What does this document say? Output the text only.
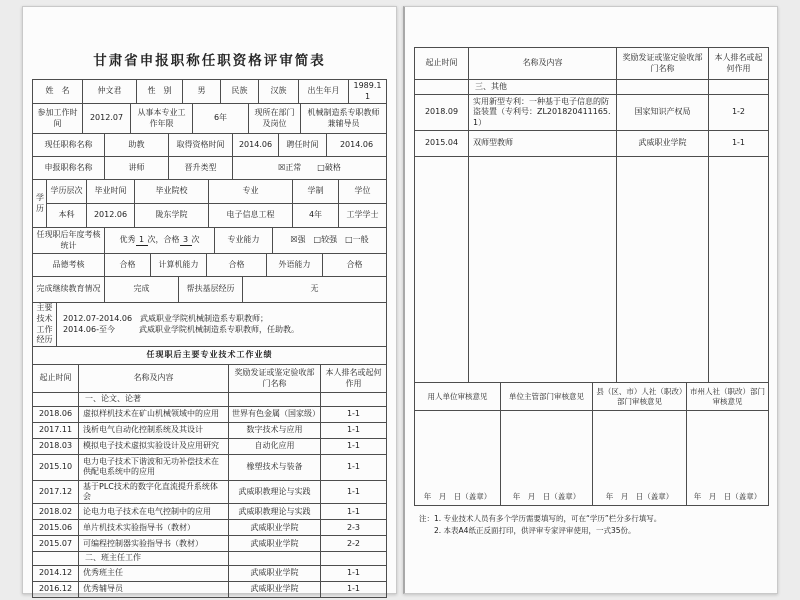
甘肃省申报职称任职资格评审简表
姓　名	仲文君	性　别	男	民族	汉族	出生年月	1989.11
参加工作时间	2012.07	从事本专业工作年限	6年	现所在部门及岗位	机械制造系专职教师兼辅导员
现任职称名称	助教	取得资格时间	2014.06	聘任时间	2014.06
申报职称名称	讲师	晋升类型	☒正常　　□破格		
学历	学历层次	毕业时间	毕业院校	专业	学制	学位
	本科	2012.06	陇东学院	电子信息工程	4年	工学学士
任现职后年度考核统计	优秀 1 次，合格 3 次	专业能力	☒强　□较强　□一般
品德考核	合格	计算机能力	合格	外语能力	合格
完成继续教育情况	完成	帮扶基层经历	无
主要技术工作经历	
2012.07-2014.06　武威职业学院机械制造系专职教师；
2014.06-至今　　　武威职业学院机械制造系专职教师，任助教。
任现职后主要专业技术工作业绩
起止时间	名称及内容	奖励发证或鉴定验收部门名称	本人排名或起何作用
	一、论文、论著		
2018.06	虚拟样机技术在矿山机械领域中的应用	世界有色金属（国家级）	1-1
2017.11	浅析电气自动化控制系统及其设计	数字技术与应用	1-1
2018.03	模拟电子技术虚拟实验设计及应用研究	自动化应用	1-1
2015.10	电力电子技术下谐波和无功补偿技术在供配电系统中的应用	橡塑技术与装备	1-1
2017.12	基于PLC技术的数字化直流提升系统体会	武威职教理论与实践	1-1
2018.02	论电力电子技术在电气控制中的应用	武威职教理论与实践	1-1
2015.06	单片机技术实验指导书（教材）	武威职业学院	2-3
2015.07	可编程控制器实验指导书（教材）	武威职业学院	2-2
	二、班主任工作		
2014.12	优秀班主任	武威职业学院	1-1
2016.12	优秀辅导员	武威职业学院	1-1
起止时间	名称及内容	奖励发证或鉴定验收部门名称	本人排名或起何作用
	三、其他		
2018.09	实用新型专利：一种基于电子信息的防盗装置（专利号：ZL201820411165.1）	国家知识产权局	1-2
2015.04	双师型教师	武威职业学院	1-1

用人单位审核意见	单位主管部门审核意见	县（区、市）人社（职改）部门审核意见	市州人社（职改）部门审核意见

年　月　日（盖章）	年　月　日（盖章）	年　月　日（盖章）	年　月　日（盖章）
注：1. 专业技术人员有多个学历需要填写的，可在“学历”栏分多行填写。
2. 本表A4纸正反面打印，供评审专家评审使用，一式35份。
